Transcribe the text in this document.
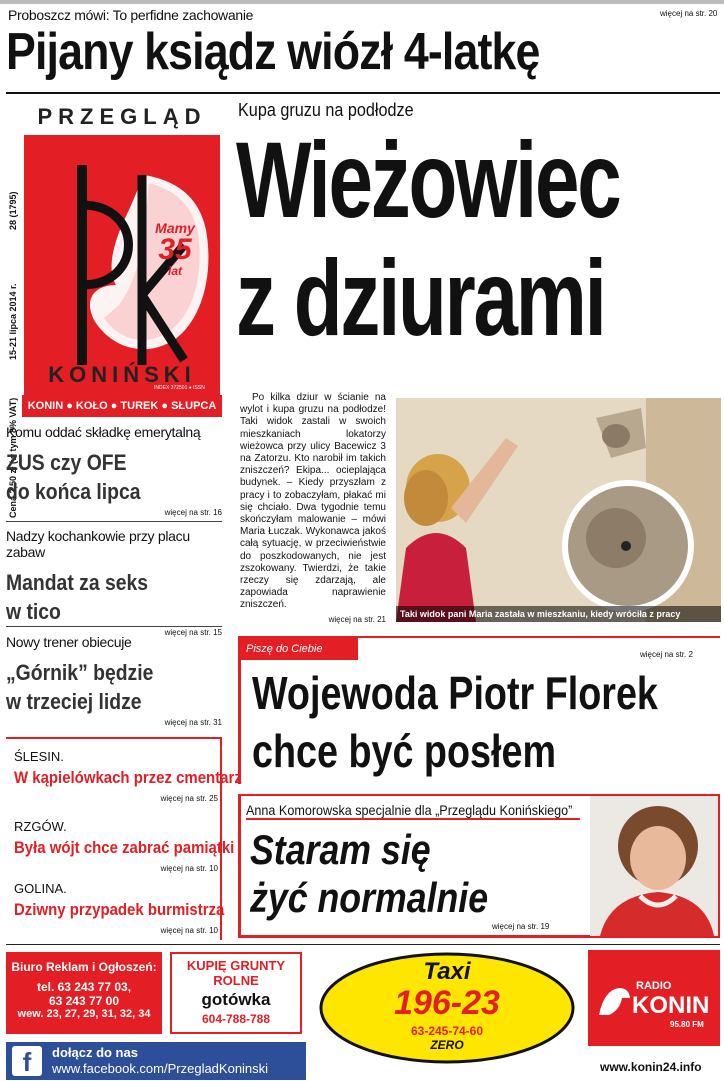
Proboszcz mówi: To perfidne zachowanie	więcej na str. 20
Pijany ksiądz wiózł 4-latkę
28 (1795)
15-21 lipca 2014 r.
Cena 2,50 zł (w tym 8% VAT)
PRZEGLĄD
Mamy
35
lat
INDEX 372501 ● ISSN
KONIŃSKI
KONIN ● KOŁO ● TUREK ● SŁUPCA
Komu oddać składkę emerytalną
ZUS czy OFE
do końca lipca
więcej na str. 16
Nadzy kochankowie przy placu zabaw
Mandat za seks
w tico
więcej na str. 15
Nowy trener obiecuje
„Górnik” będzie
w trzeciej lidze
więcej na str. 31
ŚLESIN.
W kąpielówkach przez cmentarz
więcej na str. 25
RZGÓW.
Była wójt chce zabrać pamiątki
więcej na str. 10
GOLINA.
Dziwny przypadek burmistrza
więcej na str. 10
Kupa gruzu na podłodze
Wieżowiec
z dziurami
Po kilka dziur w ścianie na wylot i kupa gruzu na podłodze! Taki widok zastali w swoich mieszkaniach lokatorzy wieżowca przy ulicy Bacewicz 3 na Zatorzu. Kto narobił im takich zniszczeń? Ekipa... ocieplająca budynek. – Kiedy przyszłam z pracy i to zobaczyłam, płakać mi się chciało. Dwa tygodnie temu skończyłam malowanie – mówi Maria Łuczak. Wykonawca jakoś całą sytuację, w przeciwieństwie do poszkodowanych, nie jest zszokowany. Twierdzi, że takie rzeczy się zdarzają, ale zapowiada naprawienie zniszczeń.
więcej na str. 21
Taki widok pani Maria zastała w mieszkaniu, kiedy wróciła z pracy
Piszę do Ciebie	więcej na str. 2
Wojewoda Piotr Florek
chce być posłem
Anna Komorowska specjalnie dla „Przeglądu Konińskiego”
Staram się
żyć normalnie
więcej na str. 19
Biuro Reklam i Ogłoszeń:
tel. 63 243 77 03,
63 243 77 00
wew. 23, 27, 29, 31, 32, 34
KUPIĘ GRUNTY
ROLNE
gotówka
604-788-788
Taxi
196-23
63-245-74-60
ZERO
RADIO
KONIN
95.80 FM
f	dołącz do nas
www.facebook.com/PrzegladKoninski	www.konin24.info
